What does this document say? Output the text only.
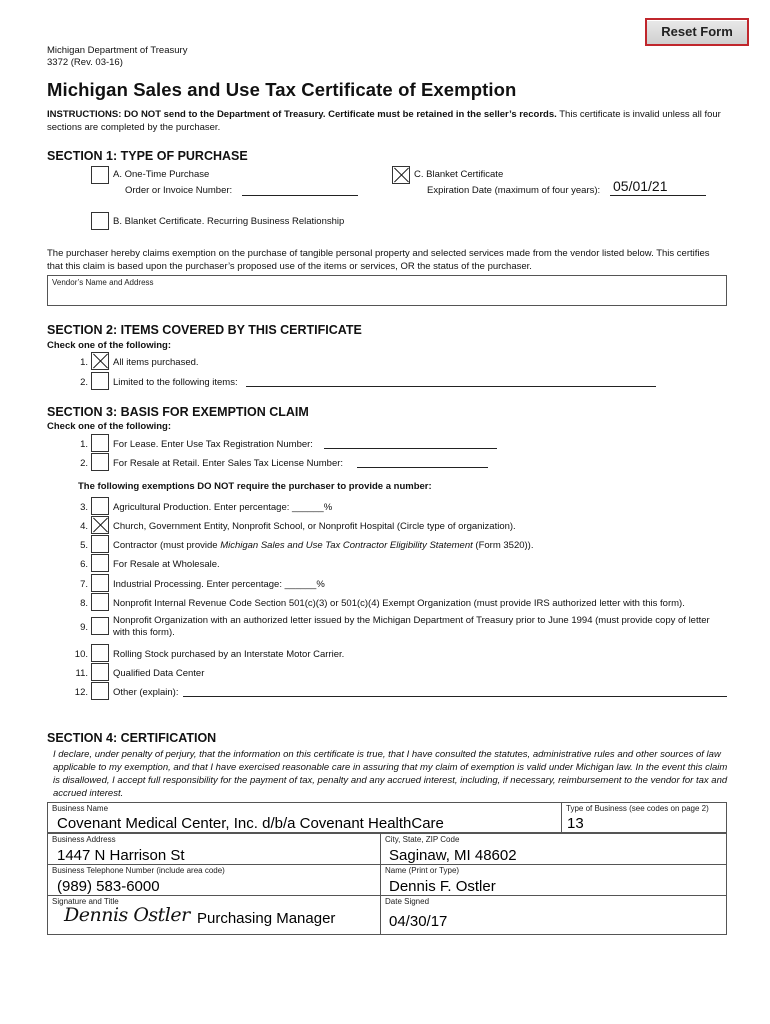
Reset Form
Michigan Department of Treasury
3372 (Rev. 03-16)
Michigan Sales and Use Tax Certificate of Exemption
INSTRUCTIONS: DO NOT send to the Department of Treasury. Certificate must be retained in the seller’s records. This certificate is invalid unless all four sections are completed by the purchaser.
SECTION 1: TYPE OF PURCHASE
A. One-Time Purchase
Order or Invoice Number:
C. Blanket Certificate
Expiration Date (maximum of four years): 05/01/21
B. Blanket Certificate. Recurring Business Relationship
The purchaser hereby claims exemption on the purchase of tangible personal property and selected services made from the vendor listed below. This certifies that this claim is based upon the purchaser’s proposed use of the items or services, OR the status of the purchaser.
Vendor’s Name and Address
SECTION 2: ITEMS COVERED BY THIS CERTIFICATE
Check one of the following:
1.	All items purchased.
2.	Limited to the following items:
SECTION 3: BASIS FOR EXEMPTION CLAIM
Check one of the following:
The following exemptions DO NOT require the purchaser to provide a number:
1.	For Lease. Enter Use Tax Registration Number:
2.	For Resale at Retail. Enter Sales Tax License Number:
3.	Agricultural Production. Enter percentage: ______%
4.	Church, Government Entity, Nonprofit School, or Nonprofit Hospital (Circle type of organization).
5.	Contractor (must provide Michigan Sales and Use Tax Contractor Eligibility Statement (Form 3520)).
6.	For Resale at Wholesale.
7.	Industrial Processing. Enter percentage: ______%
8.	Nonprofit Internal Revenue Code Section 501(c)(3) or 501(c)(4) Exempt Organization (must provide IRS authorized letter with this form).
9.
Nonprofit Organization with an authorized letter issued by the Michigan Department of Treasury prior to June 1994 (must provide copy of letter with this form).
10.	Rolling Stock purchased by an Interstate Motor Carrier.
11.	Qualified Data Center
12.	Other (explain):
SECTION 4: CERTIFICATION
I declare, under penalty of perjury, that the information on this certificate is true, that I have consulted the statutes, administrative rules and other sources of law applicable to my exemption, and that I have exercised reasonable care in assuring that my claim of exemption is valid under Michigan law. In the event this claim is disallowed, I accept full responsibility for the payment of tax, penalty and any accrued interest, including, if necessary, reimbursement to the vendor for tax and accrued interest.
Business Name
Covenant Medical Center, Inc. d/b/a Covenant HealthCare
Type of Business (see codes on page 2)
13
Business Address
1447 N Harrison St
City, State, ZIP Code
Saginaw, MI 48602
Business Telephone Number (include area code)
(989) 583-6000
Name (Print or Type)
Dennis F. Ostler
Signature and Title
Dennis Ostler Purchasing Manager
Date Signed
04/30/17
